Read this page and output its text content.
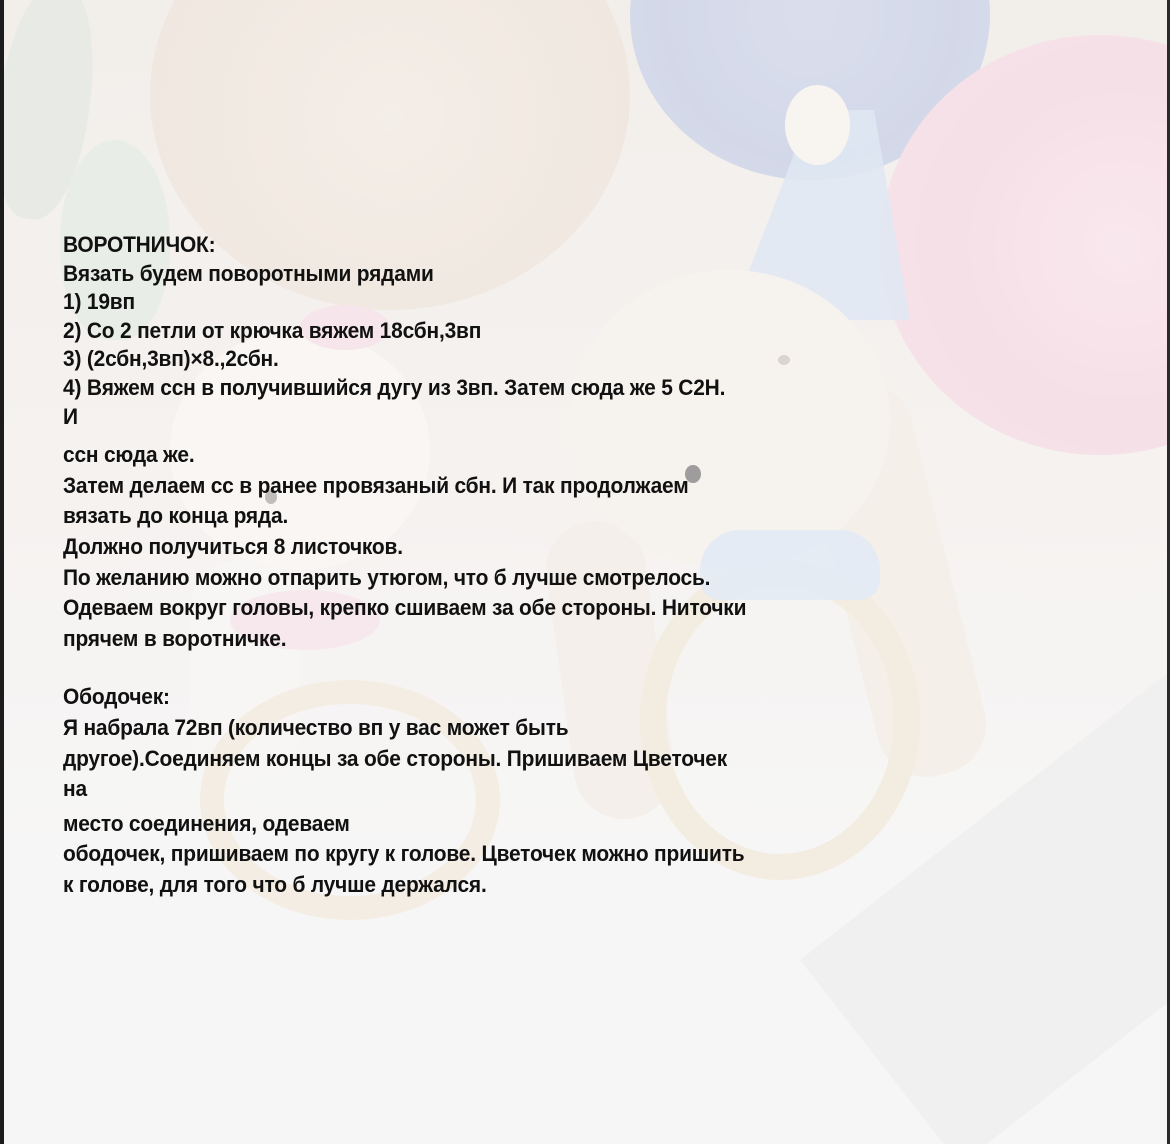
ВОРОТНИЧОК:
Вязать будем поворотными рядами
1) 19вп
2) Со 2 петли от крючка вяжем 18сбн,3вп
3) (2сбн,3вп)×8.,2сбн.
4) Вяжем ссн в получившийся дугу из 3вп. Затем сюда же 5 С2Н.
И
ссн сюда же.
Затем делаем сс в ранее провязаный сбн. И так продолжаем
вязать до конца ряда.
Должно получиться 8 листочков.
По желанию можно отпарить утюгом, что б лучше смотрелось.
Одеваем вокруг головы, крепко сшиваем за обе стороны. Ниточки
прячем в воротничке.
Ободочек:
Я набрала 72вп (количество вп у вас может быть
другое).Соединяем концы за обе стороны. Пришиваем Цветочек
на
место соединения, одеваем
ободочек, пришиваем по кругу к голове. Цветочек можно пришить
к голове, для того что б лучше держался.
